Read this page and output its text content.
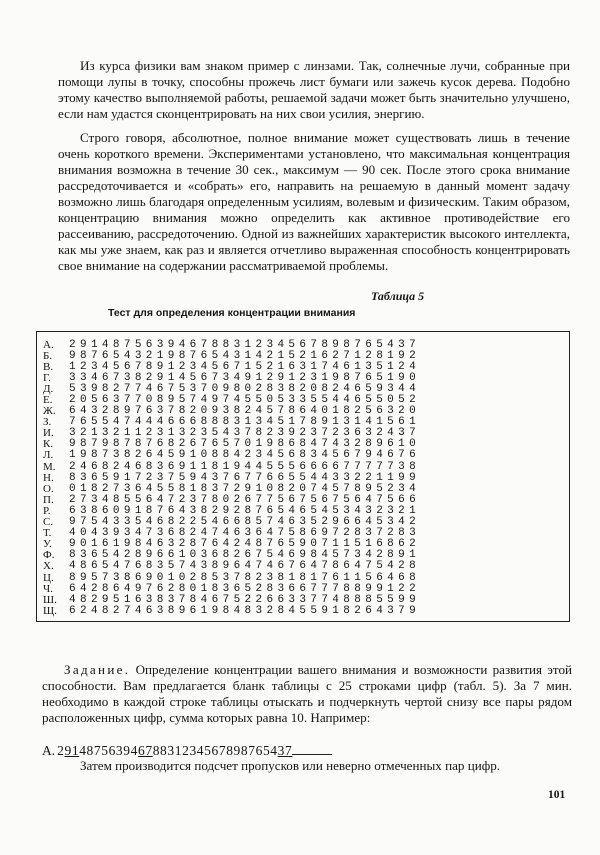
Из курса физики вам знаком пример с линзами. Так, солнечные лучи, собранные при помощи лупы в точку, способны прожечь лист бумаги или зажечь кусок дерева. Подобно этому качество выполняемой работы, решаемой задачи может быть значительно улучшено, если нам удастся сконцентрировать на них свои усилия, энергию.

Строго говоря, абсолютное, полное внимание может существовать лишь в течение очень короткого времени. Экспериментами установлено, что максимальная концентрация внимания возможна в течение 30 сек., максимум — 90 сек. После этого срока внимание рассредоточивается и «собрать» его, направить на решаемую в данный момент задачу возможно лишь благодаря определенным усилиям, волевым и физическим. Таким образом, концентрацию внимания можно определить как активное противодействие его рассеиванию, рассредоточению. Одной из важнейших характеристик высокого интеллекта, как мы уже знаем, как раз и является отчетливо выраженная способность концентрировать свое внимание на содержании рассматриваемой проблемы.

Таблица 5
Тест для определения концентрации внимания
А.	29148756394678831234567898765437
Б.	98765432198765431421521627128192
В.	12345678912345671521631746135124
Г.	33467382914567349129123198765190
Д.	53982774675370980283820824659344
Е.	20563770895749745505335544655052
Ж.	64328976378209382457864018256320
З.	76554744466688831345178913141561
И.	32132112313235437823923723632437
К.	98798787682676570198684743289610
Л.	19873826459108842345683456794676
М.	24682468369118194455566667777738
Н.	83659172375943767766554433221199
О.	01827364558183729108207457895234
П.	27348556472378026775675675647566
Р.	63860918764382928765465453432321
С.	97543354682254668574635296645342
Т.	40439347368247463647586972837283
У.	90161984632876424876590711516862
Ф.	83654289661036826754698457342891
Х.	48654768357438964746764786475428
Ц.	89573869010285378238181761156468
Ч.	64286497628018365283667778899122
Ш.	48295163837846752266337748885599
Щ.	62482746389619848328455918264379

Задание. Определение концентрации вашего внимания и возможности развития этой способности. Вам предлагается бланк таблицы с 25 строками цифр (табл. 5). За 7 мин. необходимо в каждой строке таблицы отыскать и подчеркнуть чертой снизу все пары рядом расположенных цифр, сумма которых равна 10. Например:

А. 29148756394678831234567898765437
Затем производится подсчет пропусков или неверно отмеченных пар цифр.
101
